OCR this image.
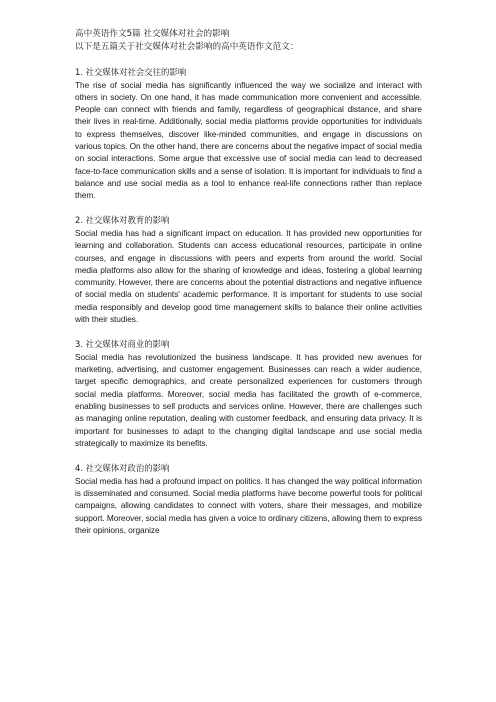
高中英语作文5篇 社交媒体对社会的影响

以下是五篇关于社交媒体对社会影响的高中英语作文范文：

1. 社交媒体对社会交往的影响

The rise of social media has significantly influenced the way we socialize and interact with others in society. On one hand, it has made communication more convenient and accessible. People can connect with friends and family, regardless of geographical distance, and share their lives in real-time. Additionally, social media platforms provide opportunities for individuals to express themselves, discover like-minded communities, and engage in discussions on various topics. On the other hand, there are concerns about the negative impact of social media on social interactions. Some argue that excessive use of social media can lead to decreased face-to-face communication skills and a sense of isolation. It is important for individuals to find a balance and use social media as a tool to enhance real-life connections rather than replace them.

2. 社交媒体对教育的影响

Social media has had a significant impact on education. It has provided new opportunities for learning and collaboration. Students can access educational resources, participate in online courses, and engage in discussions with peers and experts from around the world. Social media platforms also allow for the sharing of knowledge and ideas, fostering a global learning community. However, there are concerns about the potential distractions and negative influence of social media on students' academic performance. It is important for students to use social media responsibly and develop good time management skills to balance their online activities with their studies.

3. 社交媒体对商业的影响

Social media has revolutionized the business landscape. It has provided new avenues for marketing, advertising, and customer engagement. Businesses can reach a wider audience, target specific demographics, and create personalized experiences for customers through social media platforms. Moreover, social media has facilitated the growth of e-commerce, enabling businesses to sell products and services online. However, there are challenges such as managing online reputation, dealing with customer feedback, and ensuring data privacy. It is important for businesses to adapt to the changing digital landscape and use social media strategically to maximize its benefits.

4. 社交媒体对政治的影响

Social media has had a profound impact on politics. It has changed the way political information is disseminated and consumed. Social media platforms have become powerful tools for political campaigns, allowing candidates to connect with voters, share their messages, and mobilize support. Moreover, social media has given a voice to ordinary citizens, allowing them to express their opinions, organize
